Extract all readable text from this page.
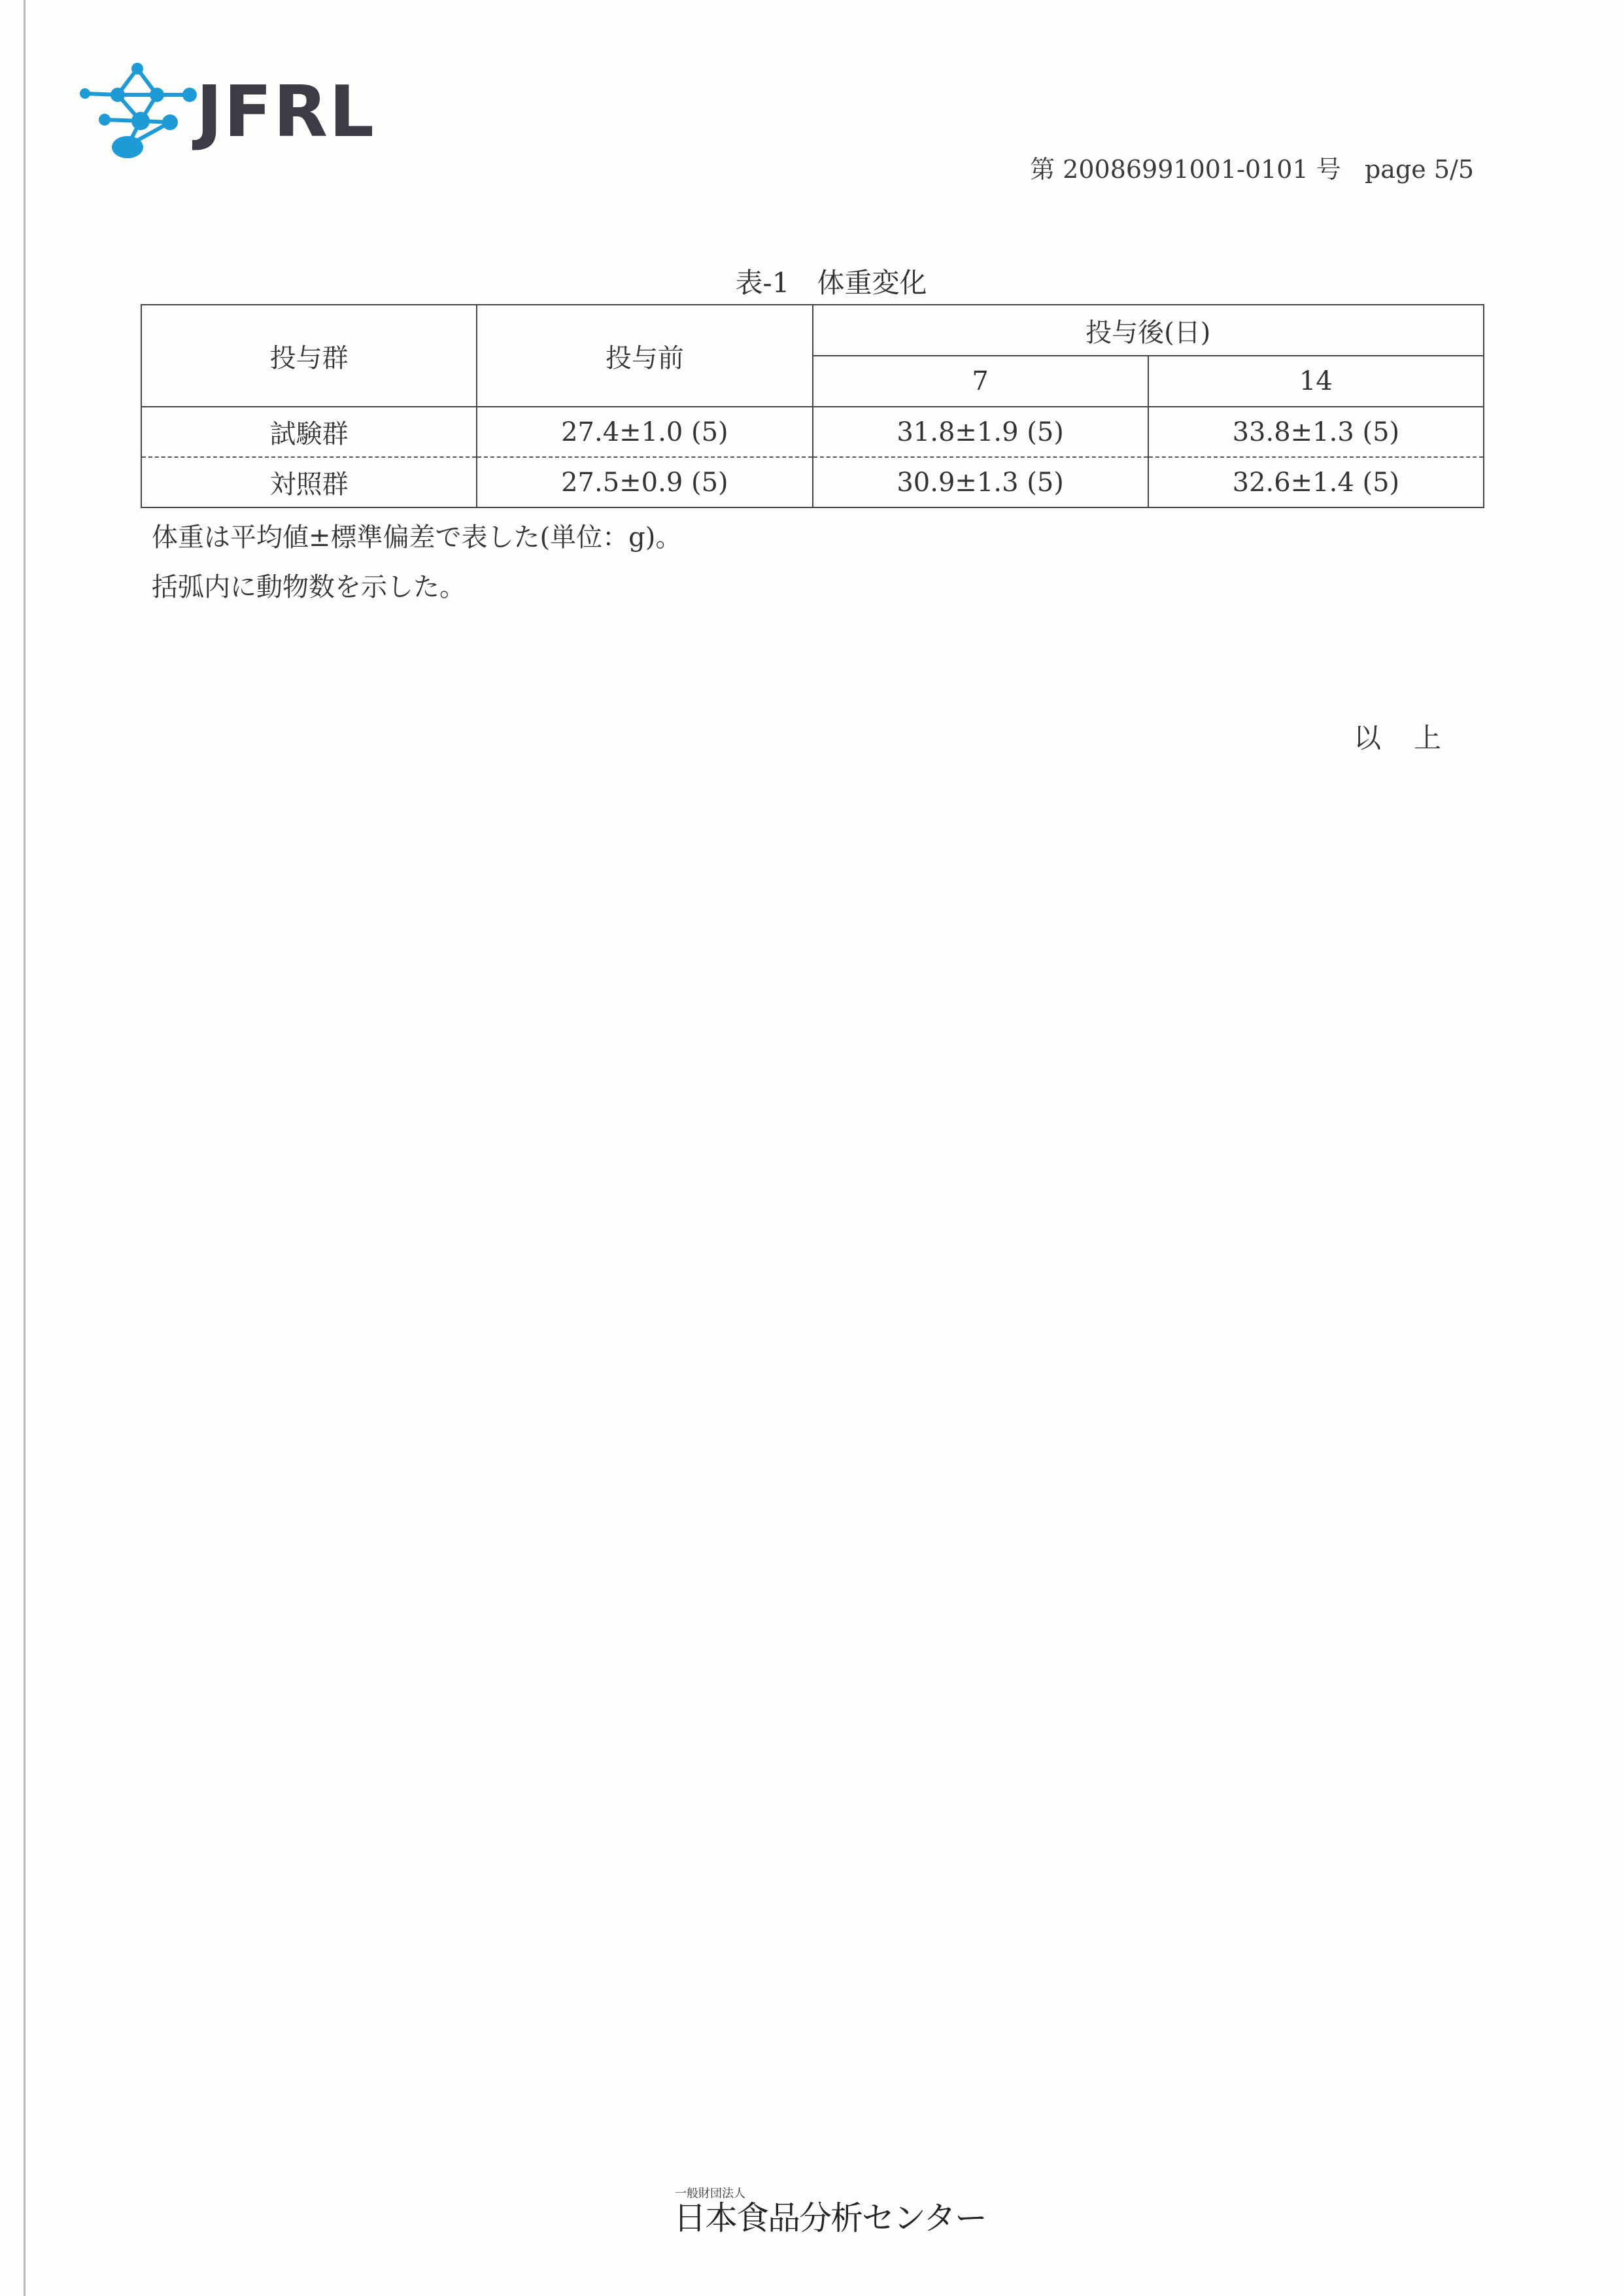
JFRL
第 20086991001-0101 号   page 5/5
表-1　体重変化
投与群	投与前	投与後(日)	
		7	14
試験群	27.4±1.0 (5)	31.8±1.9 (5)	33.8±1.3 (5)
対照群	27.5±0.9 (5)	30.9±1.3 (5)	32.6±1.4 (5)
体重は平均値±標準偏差で表した(単位：g)。
括弧内に動物数を示した。
以上
一般財団法人
日本食品分析センター
